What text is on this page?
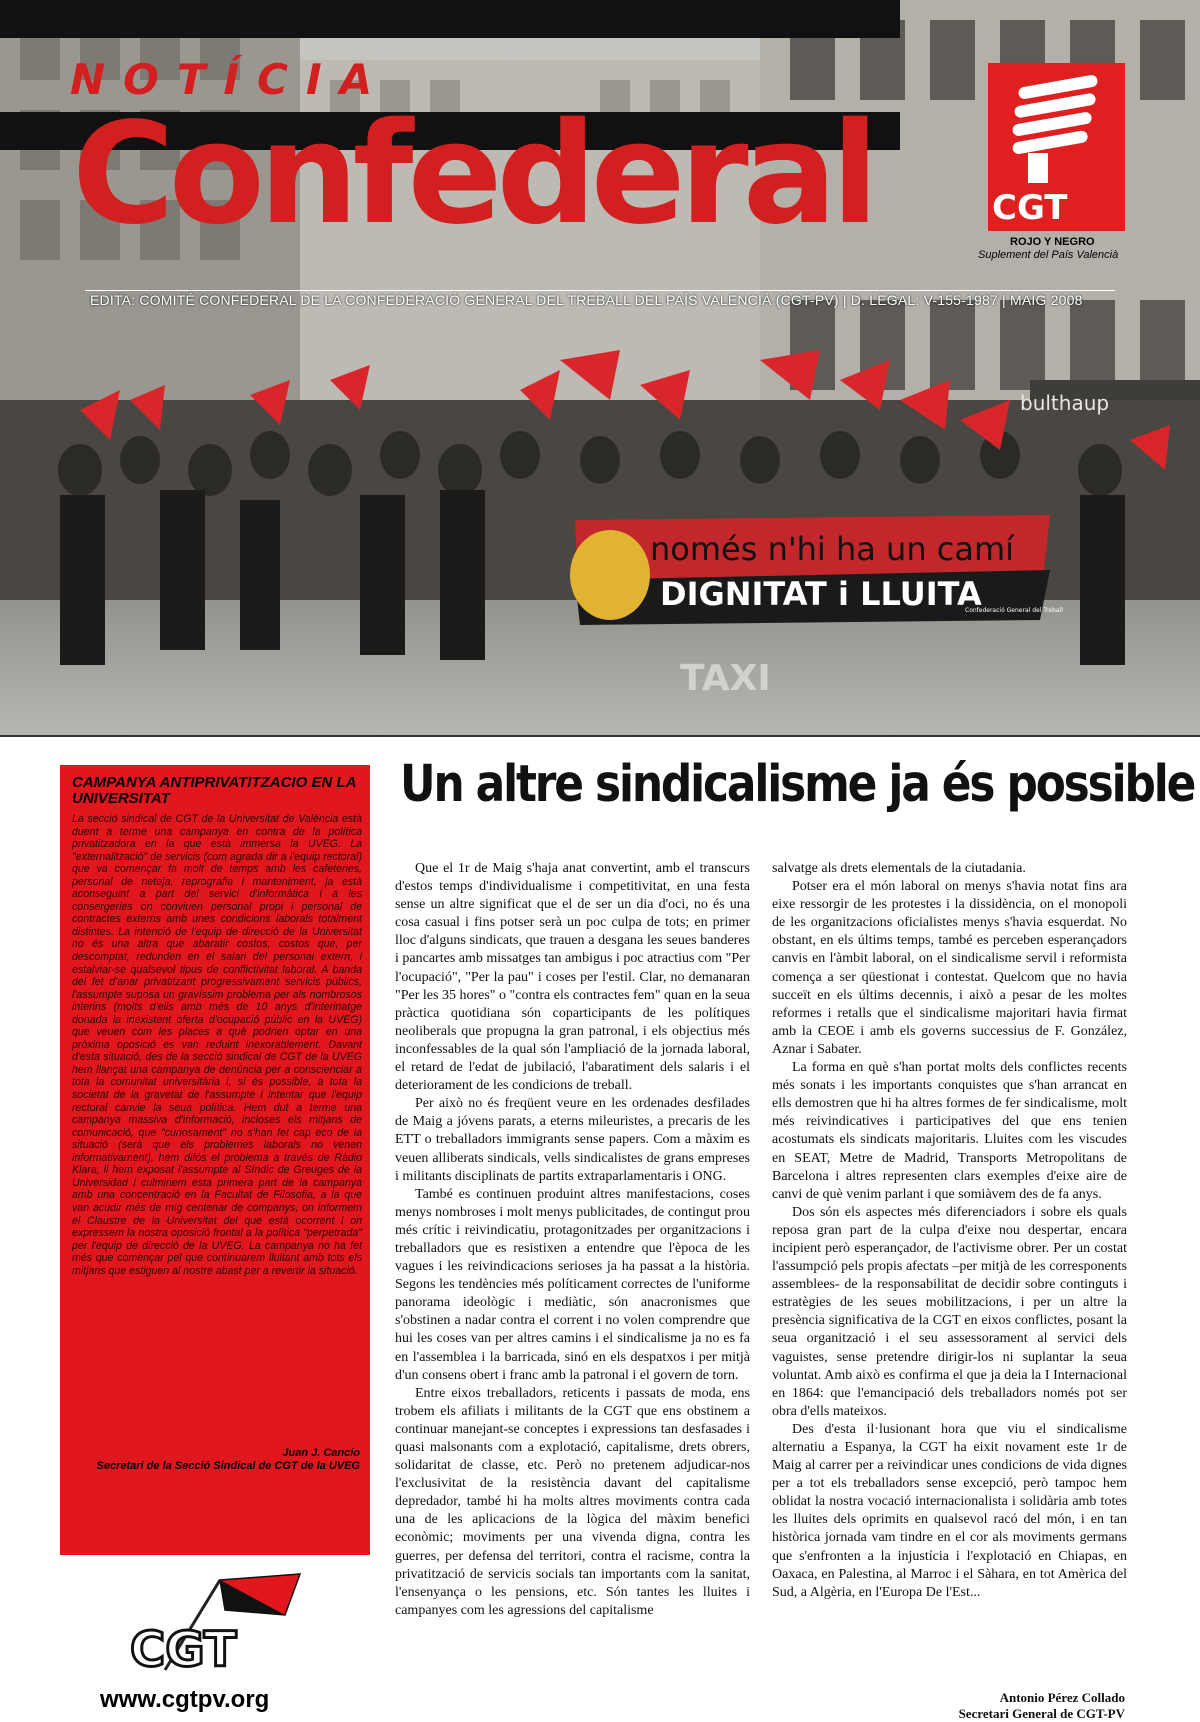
només n'hi ha un camí
DIGNITAT i LLUITA
Confederació General del Treball
bulthaup
TAXI
NOTÍCIA
Confederal	CGT
ROJO Y NEGRO
Suplement del País Valencià
EDITA: COMITÉ CONFEDERAL DE LA CONFEDERACIÓ GENERAL DEL TREBALL DEL PAÍS VALENCIÀ (CGT-PV) | D. LEGAL: V-155-1987 | MAIG 2008
CAMPANYA ANTIPRIVATITZACIO EN LA UNIVERSITAT
La secció sindical de CGT de la Universitat de València està duent a terme una campanya en contra de la política privatitzadora en la que està immersa la UVEG. La "externalització" de servicis (com agrada dir a l'equip rectoral) que va començar fa molt de temps amb les cafeteries, personal de neteja, reprografia i manteniment, ja està aconseguint a part del servici d'informàtica i a les consergeries on conviuen personal propi i personal de contractes externs amb unes condicions laborals totalment distintes. La intenció de l'equip de direcció de la Universitat no és una altra que abaratir costos, costos que, per descomptat, redunden en el salari del personal extern, i estalviar-se qualsevol tipus de conflictivitat laboral. A banda del fet d'anar privatitzant progressivament servicis públics, l'assumpte suposa un gravíssim problema per als nombrosos interins (molts d'ells amb més de 10 anys d'interinatge donada la inexistent oferta d'ocupació públic en la UVEG) que veuen com les places a què podrien optar en una pròxima oposició es van reduint inexorablement. Davant d'esta situació, des de la secció sindical de CGT de la UVEG hem llançat una campanya de denúncia per a conscienciar a tota la comunitat universitària i, si és possible, a tota la societat de la gravetat de l'assumpte i intentar que l'equip rectoral canvie la seua política. Hem dut a terme una campanya massiva d'informació, incloses els mitjans de comunicació, que "curiosament" no s'han fet cap eco de la situació (serà que els problemes laborals no venen informativament), hem difós el problema a través de Ràdio Klara, li hem exposat l'assumpte al Síndic de Greuges de la Universidad i culminem esta primera part de la campanya amb una concentració en la Facultat de Filosofia, a la que van acudir més de mig centenar de companys, on informem el Claustre de la Universitat del que està ocorrent i on expressem la nostra oposició frontal a la política "perpetrada" per l'equip de direcció de la UVEG. La campanya no ha fet més que començar pel que continuarem lluitant amb tots els mitjans que estiguen al nostre abast per a revertir la situació.
Juan J. Cancio
Secretari de la Secció Sindical de CGT de la UVEG
CGT
www.cgtpv.org
Un altre sindicalisme ja és possible

Que el 1r de Maig s'haja anat convertint, amb el transcurs d'estos temps d'individualisme i competitivitat, en una festa sense un altre significat que el de ser un dia d'oci, no és una cosa casual i fins potser serà un poc culpa de tots; en primer lloc d'alguns sindicats, que trauen a desgana les seues banderes i pancartes amb missatges tan ambigus i poc atractius com "Per l'ocupació", "Per la pau" i coses per l'estil. Clar, no demanaran "Per les 35 hores" o "contra els contractes fem" quan en la seua pràctica quotidiana són coparticipants de les polítiques neoliberals que propugna la gran patronal, i els objectius més inconfessables de la qual són l'ampliació de la jornada laboral, el retard de l'edat de jubilació, l'abaratiment dels salaris i el deteriorament de les condicions de treball.

Per això no és freqüent veure en les ordenades desfilades de Maig a jóvens parats, a eterns mileuristes, a precaris de les ETT o treballadors immigrants sense papers. Com a màxim es veuen alliberats sindicals, vells sindicalistes de grans empreses i militants disciplinats de partits extraparlamentaris i ONG.

També es continuen produint altres manifestacions, coses menys nombroses i molt menys publicitades, de contingut prou més crític i reivindicatiu, protagonitzades per organitzacions i treballadors que es resistixen a entendre que l'època de les vagues i les reivindicacions serioses ja ha passat a la història. Segons les tendències més políticament correctes de l'uniforme panorama ideològic i mediàtic, són anacronismes que s'obstinen a nadar contra el corrent i no volen comprendre que hui les coses van per altres camins i el sindicalisme ja no es fa en l'assemblea i la barricada, sinó en els despatxos i per mitjà d'un consens obert i franc amb la patronal i el govern de torn.

Entre eixos treballadors, reticents i passats de moda, ens trobem els afiliats i militants de la CGT que ens obstinem a continuar manejant-se conceptes i expressions tan desfasades i quasi malsonants com a explotació, capitalisme, drets obrers, solidaritat de classe, etc. Però no pretenem adjudicar-nos l'exclusivitat de la resistència davant del capitalisme depredador, també hi ha molts altres moviments contra cada una de les aplicacions de la lògica del màxim benefici econòmic; moviments per una vivenda digna, contra les guerres, per defensa del territori, contra el racisme, contra la privatització de servicis socials tan importants com la sanitat, l'ensenyança o les pensions, etc. Són tantes les lluites i campanyes com les agressions del capitalisme

salvatge als drets elementals de la ciutadania.

Potser era el món laboral on menys s'havia notat fins ara eixe ressorgir de les protestes i la dissidència, on el monopoli de les organitzacions oficialistes menys s'havia esquerdat. No obstant, en els últims temps, també es perceben esperançadors canvis en l'àmbit laboral, on el sindicalisme servil i reformista comença a ser qüestionat i contestat. Quelcom que no havia succeït en els últims decennis, i això a pesar de les moltes reformes i retalls que el sindicalisme majoritari havia firmat amb la CEOE i amb els governs successius de F. González, Aznar i Sabater.

La forma en què s'han portat molts dels conflictes recents més sonats i les importants conquistes que s'han arrancat en ells demostren que hi ha altres formes de fer sindicalisme, molt més reivindicatives i participatives del que ens tenien acostumats els sindicats majoritaris. Lluites com les viscudes en SEAT, Metre de Madrid, Transports Metropolitans de Barcelona i altres representen clars exemples d'eixe aire de canvi de què venim parlant i que somiàvem des de fa anys.

Dos són els aspectes més diferenciadors i sobre els quals reposa gran part de la culpa d'eixe nou despertar, encara incipient però esperançador, de l'activisme obrer. Per un costat l'assumpció pels propis afectats –per mitjà de les corresponents assemblees- de la responsabilitat de decidir sobre continguts i estratègies de les seues mobilitzacions, i per un altre la presència significativa de la CGT en eixos conflictes, posant la seua organització i el seu assessorament al servici dels vaguistes, sense pretendre dirigir-los ni suplantar la seua voluntat. Amb això es confirma el que ja deia la I Internacional en 1864: que l'emancipació dels treballadors només pot ser obra d'ells mateixos.

Des d'esta il·lusionant hora que viu el sindicalisme alternatiu a Espanya, la CGT ha eixit novament este 1r de Maig al carrer per a reivindicar unes condicions de vida dignes per a tot els treballadors sense excepció, però tampoc hem oblidat la nostra vocació internacionalista i solidària amb totes les lluites dels oprimits en qualsevol racó del món, i en tan històrica jornada vam tindre en el cor als moviments germans que s'enfronten a la injustícia i l'explotació en Chiapas, en Oaxaca, en Palestina, al Marroc i el Sàhara, en tot Amèrica del Sud, a Algèria, en l'Europa De l'Est...

Antonio Pérez Collado
Secretari General de CGT-PV
